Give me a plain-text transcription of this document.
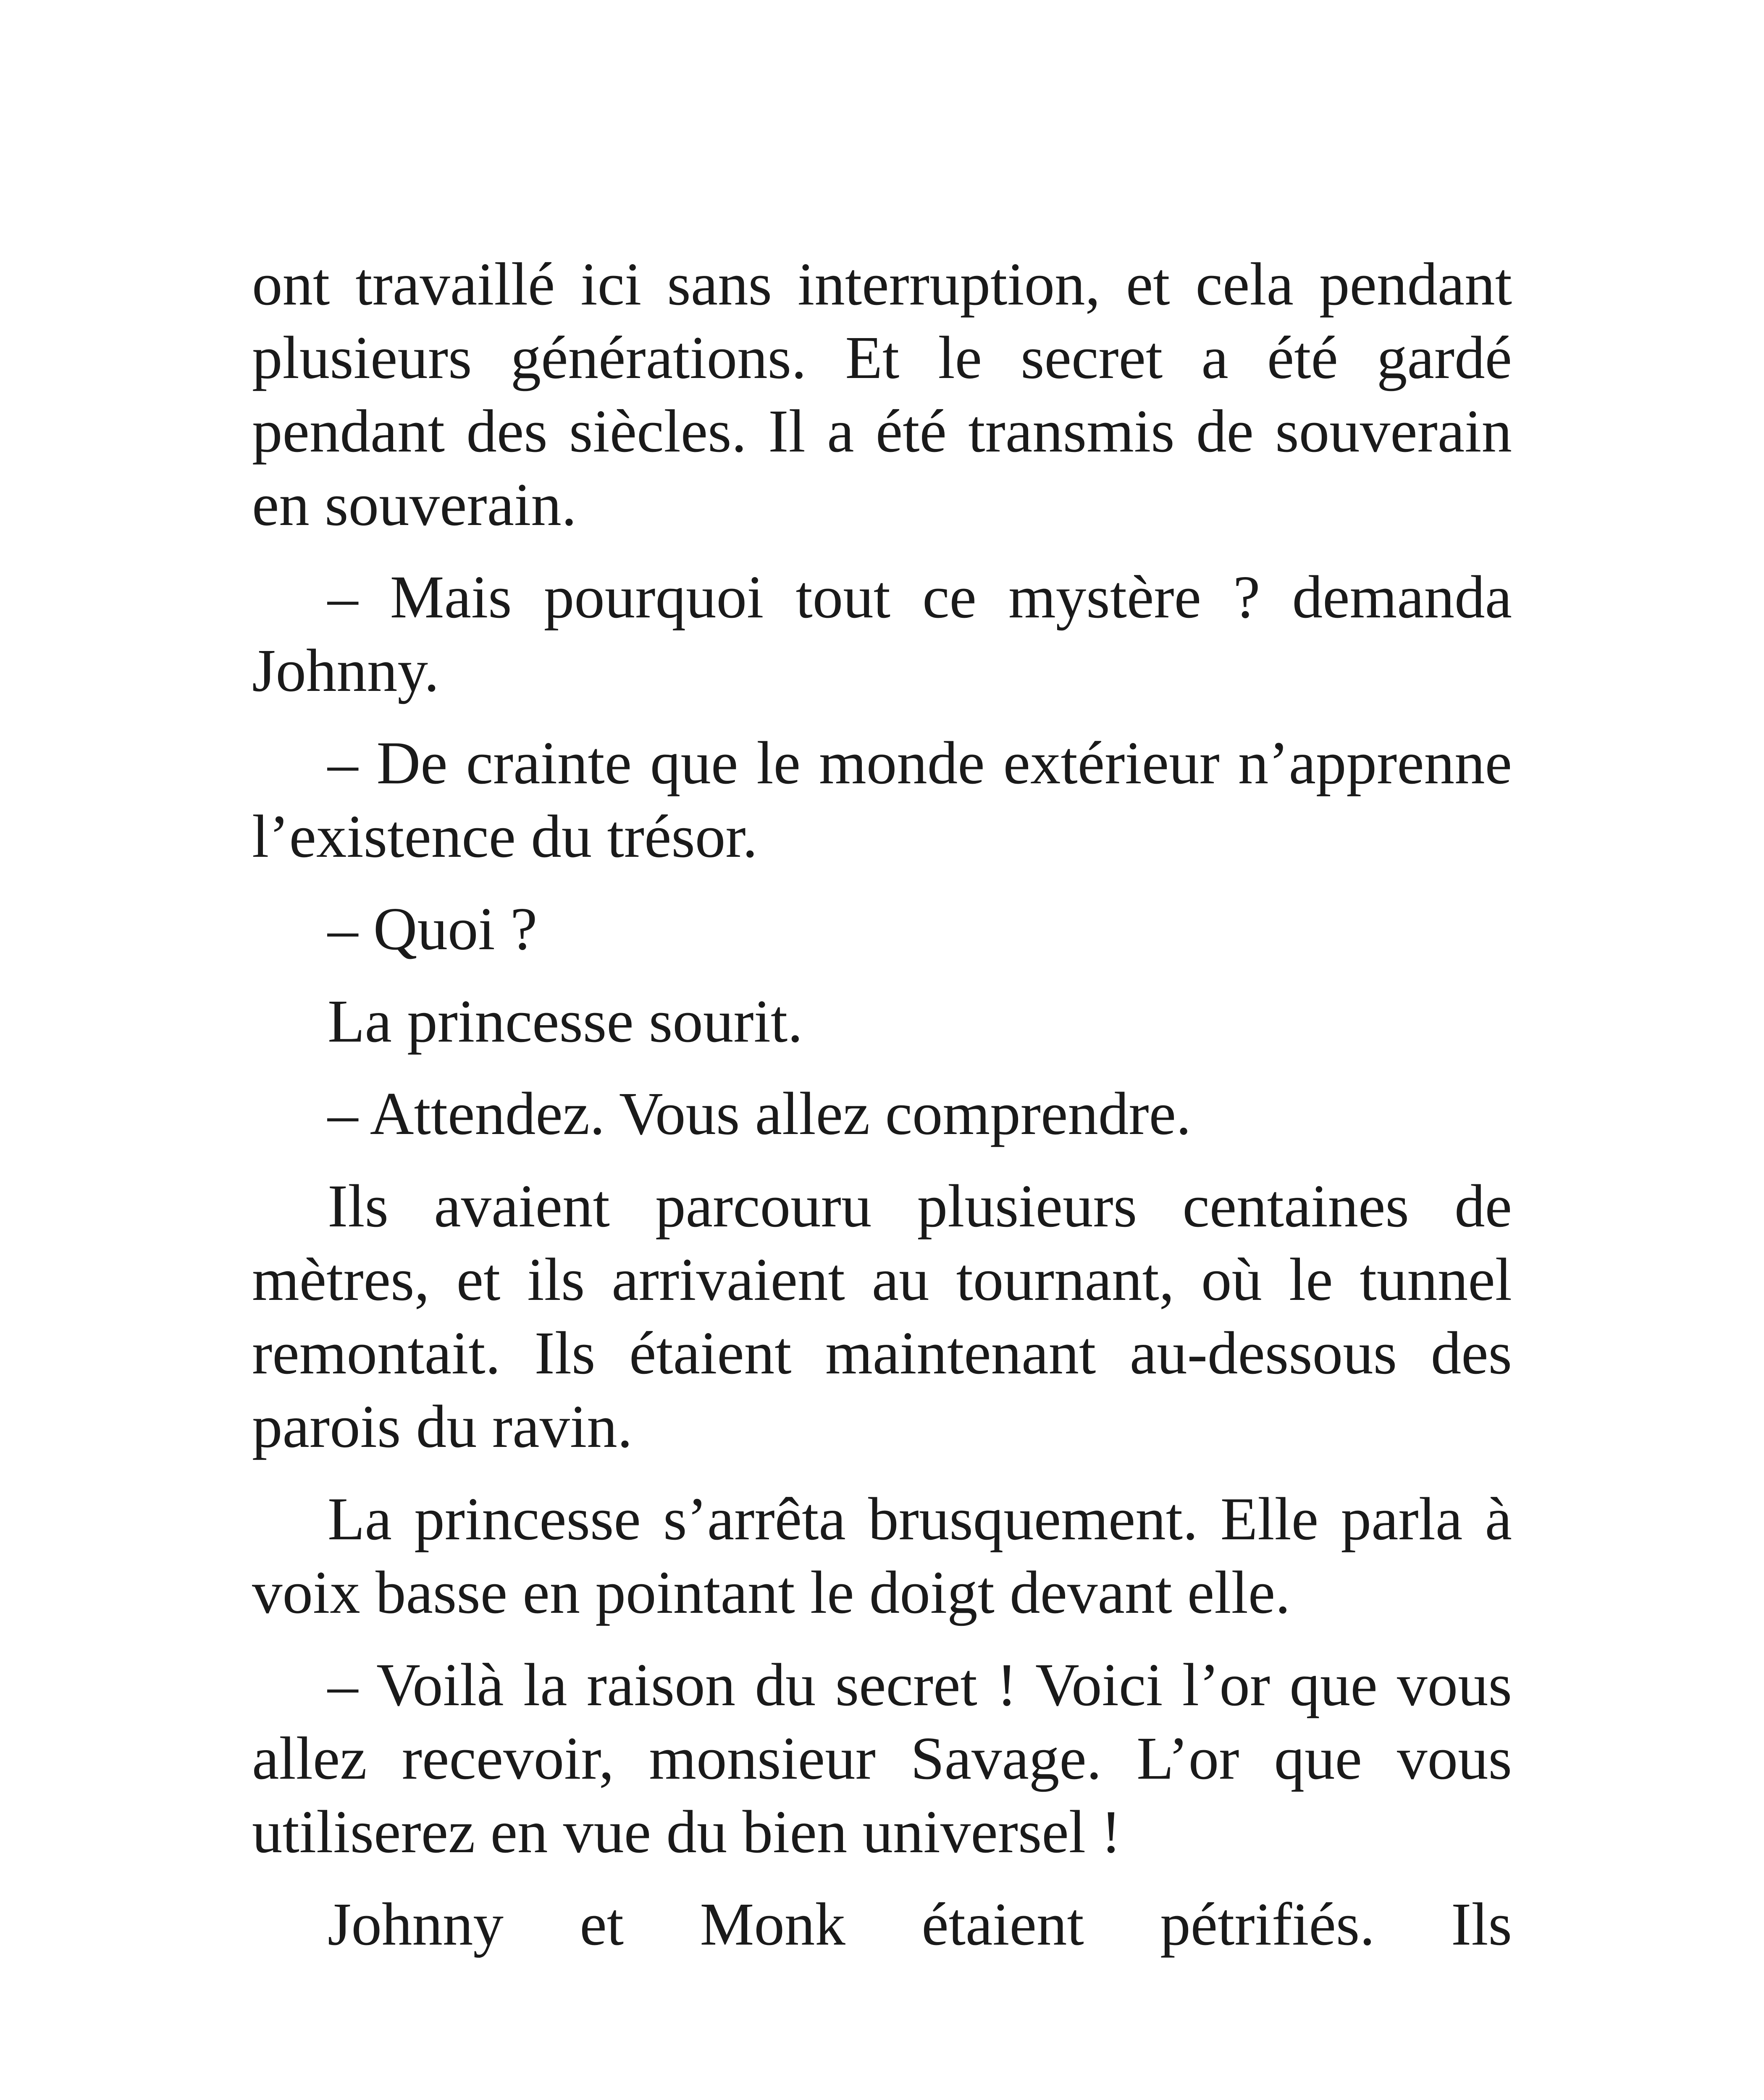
ont travaillé ici sans interruption, et cela pendant plusieurs générations. Et le secret a été gardé pendant des siècles. Il a été transmis de souverain en souverain.

– Mais pourquoi tout ce mystère ? demanda Johnny.

– De crainte que le monde extérieur n’apprenne l’existence du trésor.

– Quoi ?

La princesse sourit.

– Attendez. Vous allez comprendre.

Ils avaient parcouru plusieurs centaines de mètres, et ils arrivaient au tournant, où le tunnel remontait. Ils étaient maintenant au-dessous des parois du ravin.

La princesse s’arrêta brusquement. Elle parla à voix basse en pointant le doigt devant elle.

– Voilà la raison du secret ! Voici l’or que vous allez recevoir, monsieur Savage. L’or que vous utiliserez en vue du bien universel !

Johnny et Monk étaient pétrifiés. Ils
